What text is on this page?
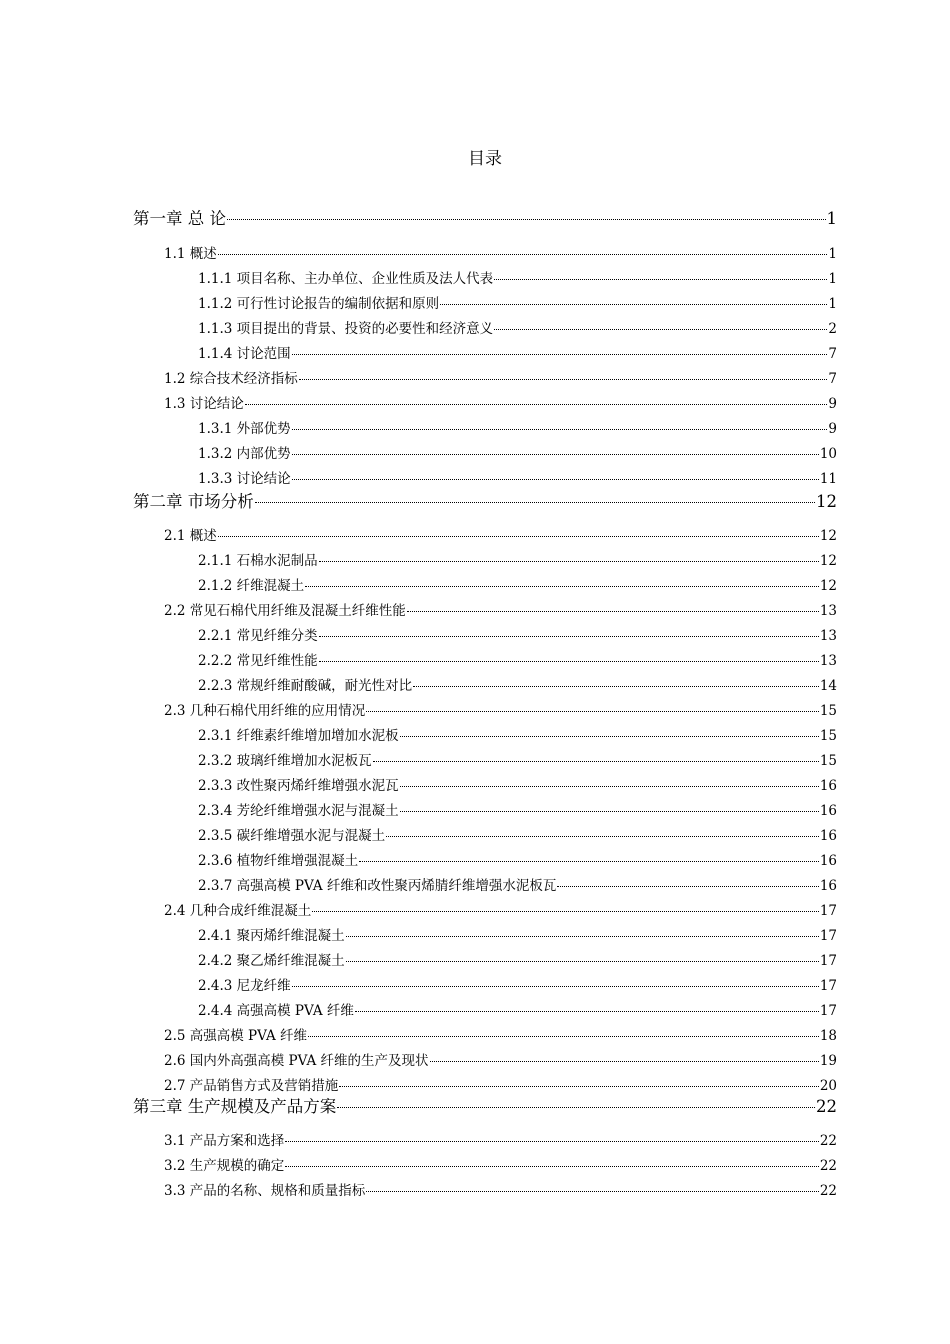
目录
第一章 总 论	1
1.1 概述	1
1.1.1 项目名称、主办单位、企业性质及法人代表	1
1.1.2 可行性讨论报告的编制依据和原则	1
1.1.3 项目提出的背景、投资的必要性和经济意义	2
1.1.4 讨论范围	7
1.2 综合技术经济指标	7
1.3 讨论结论	9
1.3.1 外部优势	9
1.3.2 内部优势	10
1.3.3 讨论结论	11
第二章 市场分析	12
2.1 概述	12
2.1.1 石棉水泥制品	12
2.1.2 纤维混凝土	12
2.2 常见石棉代用纤维及混凝土纤维性能	13
2.2.1 常见纤维分类	13
2.2.2 常见纤维性能	13
2.2.3 常规纤维耐酸碱，耐光性对比	14
2.3 几种石棉代用纤维的应用情况	15
2.3.1 纤维素纤维增加增加水泥板	15
2.3.2 玻璃纤维增加水泥板瓦	15
2.3.3 改性聚丙烯纤维增强水泥瓦	16
2.3.4 芳纶纤维增强水泥与混凝土	16
2.3.5 碳纤维增强水泥与混凝土	16
2.3.6 植物纤维增强混凝土	16
2.3.7 高强高模 PVA 纤维和改性聚丙烯腈纤维增强水泥板瓦	16
2.4 几种合成纤维混凝土	17
2.4.1 聚丙烯纤维混凝土	17
2.4.2 聚乙烯纤维混凝土	17
2.4.3 尼龙纤维	17
2.4.4 高强高模 PVA 纤维	17
2.5 高强高模 PVA 纤维	18
2.6 国内外高强高模 PVA 纤维的生产及现状	19
2.7 产品销售方式及营销措施	20
第三章 生产规模及产品方案	22
3.1 产品方案和选择	22
3.2 生产规模的确定	22
3.3 产品的名称、规格和质量指标	22
